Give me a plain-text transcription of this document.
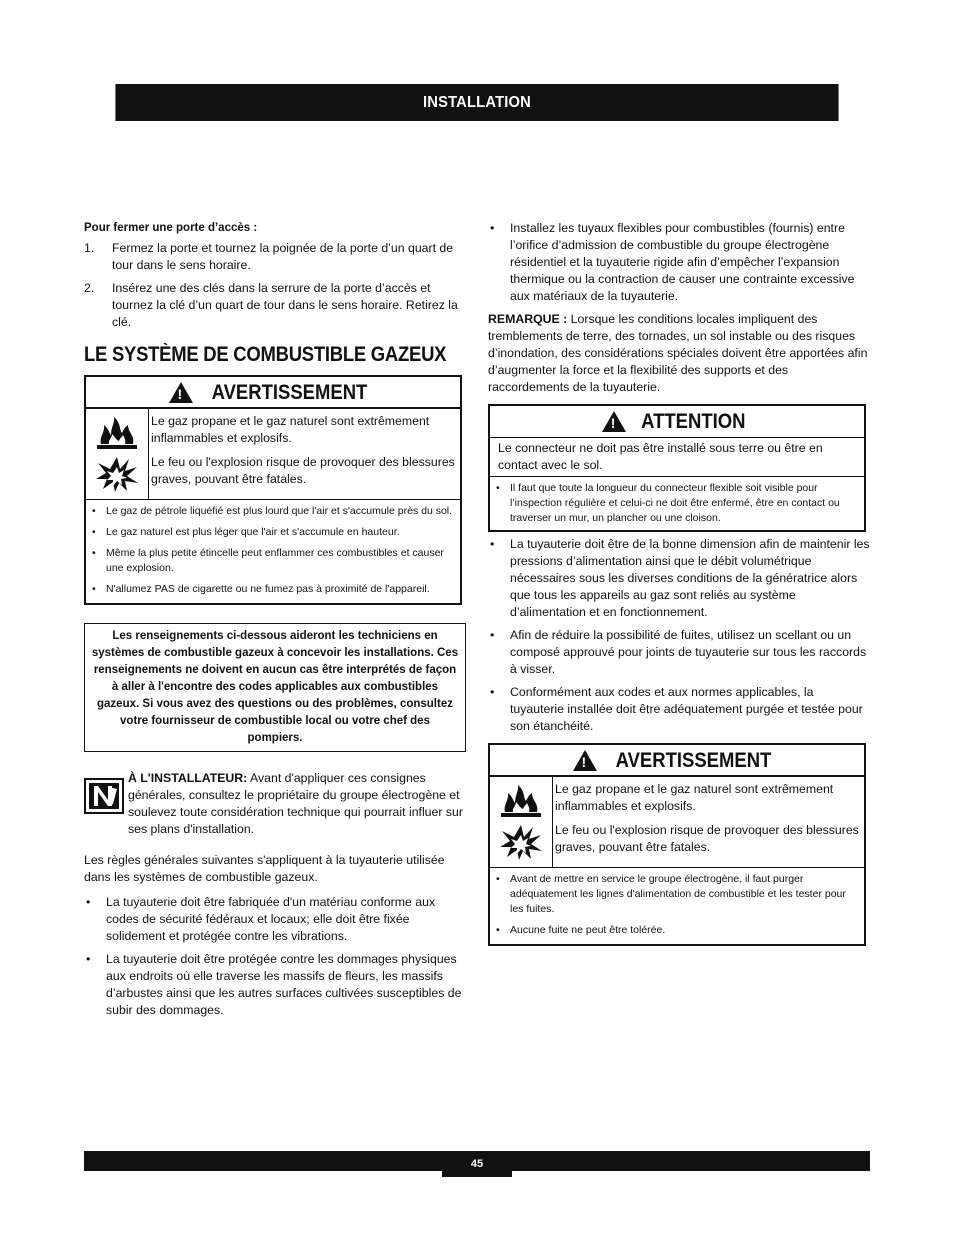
INSTALLATION
Pour fermer une porte d’accès :
1. Fermez la porte et tournez la poignée de la porte d’un quart de tour dans le sens horaire.
2. Insérez une des clés dans la serrure de la porte d’accès et tournez la clé d’un quart de tour dans le sens horaire. Retirez la clé.
LE SYSTÈME DE COMBUSTIBLE GAZEUX
!
AVERTISSEMENT

Le gaz propane et le gaz naturel sont extrêmement inflammables et explosifs.

Le feu ou l'explosion risque de provoquer des blessures graves, pouvant être fatales.

• Le gaz de pétrole liquéfié est plus lourd que l'air et s'accumule près du sol.
• Le gaz naturel est plus léger que l'air et s'accumule en hauteur.
• Même la plus petite étincelle peut enflammer ces combustibles et causer une explosion.
• N'allumez PAS de cigarette ou ne fumez pas à proximité de l'appareil.
Les renseignements ci-dessous aideront les techniciens en systèmes de combustible gazeux à concevoir les installations. Ces renseignements ne doivent en aucun cas être interprétés de façon à aller à l'encontre des codes applicables aux combustibles gazeux. Si vous avez des questions ou des problèmes, consultez votre fournisseur de combustible local ou votre chef des pompiers.
À L'INSTALLATEUR: Avant d'appliquer ces consignes générales, consultez le propriétaire du groupe électrogène et soulevez toute considération technique qui pourrait influer sur ses plans d'installation.

Les règles générales suivantes s'appliquent à la tuyauterie utilisée dans les systèmes de combustible gazeux.

• La tuyauterie doit être fabriquée d'un matériau conforme aux codes de sécurité fédéraux et locaux; elle doit être fixée solidement et protégée contre les vibrations.
• La tuyauterie doit être protégée contre les dommages physiques aux endroits où elle traverse les massifs de fleurs, les massifs d’arbustes ainsi que les autres surfaces cultivées susceptibles de subir des dommages.
• Installez les tuyaux flexibles pour combustibles (fournis) entre l’orifice d’admission de combustible du groupe électrogène résidentiel et la tuyauterie rigide afin d’empêcher l’expansion thermique ou la contraction de causer une contrainte excessive aux matériaux de la tuyauterie.

REMARQUE : Lorsque les conditions locales impliquent des tremblements de terre, des tornades, un sol instable ou des risques d’inondation, des considérations spéciales doivent être apportées afin d’augmenter la force et la flexibilité des supports et des raccordements de la tuyauterie.

!
ATTENTION
Le connecteur ne doit pas être installé sous terre ou être en contact avec le sol.
• Il faut que toute la longueur du connecteur flexible soit visible pour l’inspection régulière et celui-ci ne doit être enfermé, être en contact ou traverser un mur, un plancher ou une cloison.
• La tuyauterie doit être de la bonne dimension afin de maintenir les pressions d’alimentation ainsi que le débit volumétrique nécessaires sous les diverses conditions de la génératrice alors que tous les appareils au gaz sont reliés au système d’alimentation et en fonctionnement.
• Afin de réduire la possibilité de fuites, utilisez un scellant ou un composé approuvé pour joints de tuyauterie sur tous les raccords à visser.
• Conformément aux codes et aux normes applicables, la tuyauterie installée doit être adéquatement purgée et testée pour son étanchéité.
!
AVERTISSEMENT

Le gaz propane et le gaz naturel sont extrêmement inflammables et explosifs.

Le feu ou l'explosion risque de provoquer des blessures graves, pouvant être fatales.

• Avant de mettre en service le groupe électrogène, il faut purger adéquatement les lignes d'alimentation de combustible et les tester pour les fuites.
• Aucune fuite ne peut être tolérée.
45
